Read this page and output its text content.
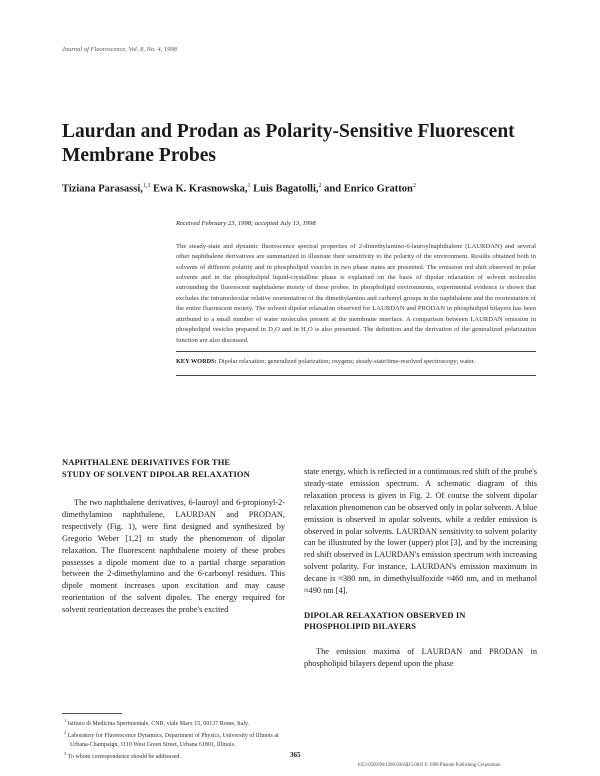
Journal of Fluorescence, Vol. 8, No. 4, 1998
Laurdan and Prodan as Polarity-Sensitive Fluorescent
Membrane Probes
Tiziana Parasassi,$^{1,3}$ Ewa K. Krasnowska,$^1$ Luis Bagatolli,$^2$ and Enrico Gratton$^2$
Received February 23, 1998; accepted July 13, 1998

The steady-state and dynamic fluorescence spectral properties of 2-dimethylamino-6-lauroylnaphthalene (LAURDAN) and several other naphthalene derivatives are summarized to illustrate their sensitivity to the polarity of the environment. Results obtained both in solvents of different polarity and in phospholipid vesicles in two phase states are presented. The emission red shift observed in polar solvents and in the phospholipid liquid-crystalline phase is explained on the basis of dipolar relaxation of solvent molecules surrounding the fluorescent naphthalene moiety of these probes. In phospholipid environments, experimental evidence is shown that excludes the intramolecular relative reorientation of the dimethylamino and carbonyl groups in the naphthalene and the reorientation of the entire fluorescent moiety. The solvent dipolar relaxation observed for LAURDAN and PRODAN in phospholipid bilayers has been attributed to a small number of water molecules present at the membrane interface. A comparison between LAURDAN emission in phospholipid vesicles prepared in D₂O and in H₂O is also presented. The definition and the derivation of the generalized polarization function are also discussed.

KEY WORDS: Dipolar relaxation; generalized polarization; oxygens; steady-state/time-resolved spectroscopy; water.
NAPHTHALENE DERIVATIVES FOR THE
STUDY OF SOLVENT DIPOLAR RELAXATION

The two naphthalene derivatives, 6-lauroyl and 6-propionyl-2-dimethylamino naphthalene, LAURDAN and PRODAN, respectively (Fig. 1), were first designed and synthesized by Gregorio Weber [1,2] to study the phenomenon of dipolar relaxation. The fluorescent naphthalene moiety of these probes possesses a dipole moment due to a partial charge separation between the 2-dimethylamino and the 6-carbonyl residues. This dipole moment increases upon excitation and may cause reorientation of the solvent dipoles. The energy required for solvent reorientation decreases the probe's excited

$^1$ Istituto di Medicina Sperimentale, CNR, viale Marx 15, 00137 Rome, Italy.
$^2$ Laboratory for Fluorescence Dynamics, Department of Physics, University of Illinois at Urbana-Champaign, 1110 West Green Street, Urbana 61801, Illinois.
$^3$ To whom correspondence should be addressed.

state energy, which is reflected in a continuous red shift of the probe's steady-state emission spectrum. A schematic diagram of this relaxation process is given in Fig. 2. Of course the solvent dipolar relaxation phenomenon can be observed only in polar solvents. A blue emission is observed in apolar solvents, while a redder emission is observed in polar solvents. LAURDAN sensitivity to solvent polarity can be illustrated by the lower (upper) plot [3], and by the increasing red shift observed in LAURDAN's emission spectrum with increasing solvent polarity. For instance, LAURDAN's emission maximum in decane is ≈380 nm, in dimethylsulfoxide ≈460 nm, and in methanol ≈490 nm [4].

DIPOLAR RELAXATION OBSERVED IN
PHOSPHOLIPID BILAYERS

The emission maxima of LAURDAN and PRODAN in phospholipid bilayers depend upon the phase

365
1053-0509/98/1200-0365$15.00/0 © 1998 Plenum Publishing Corporation
